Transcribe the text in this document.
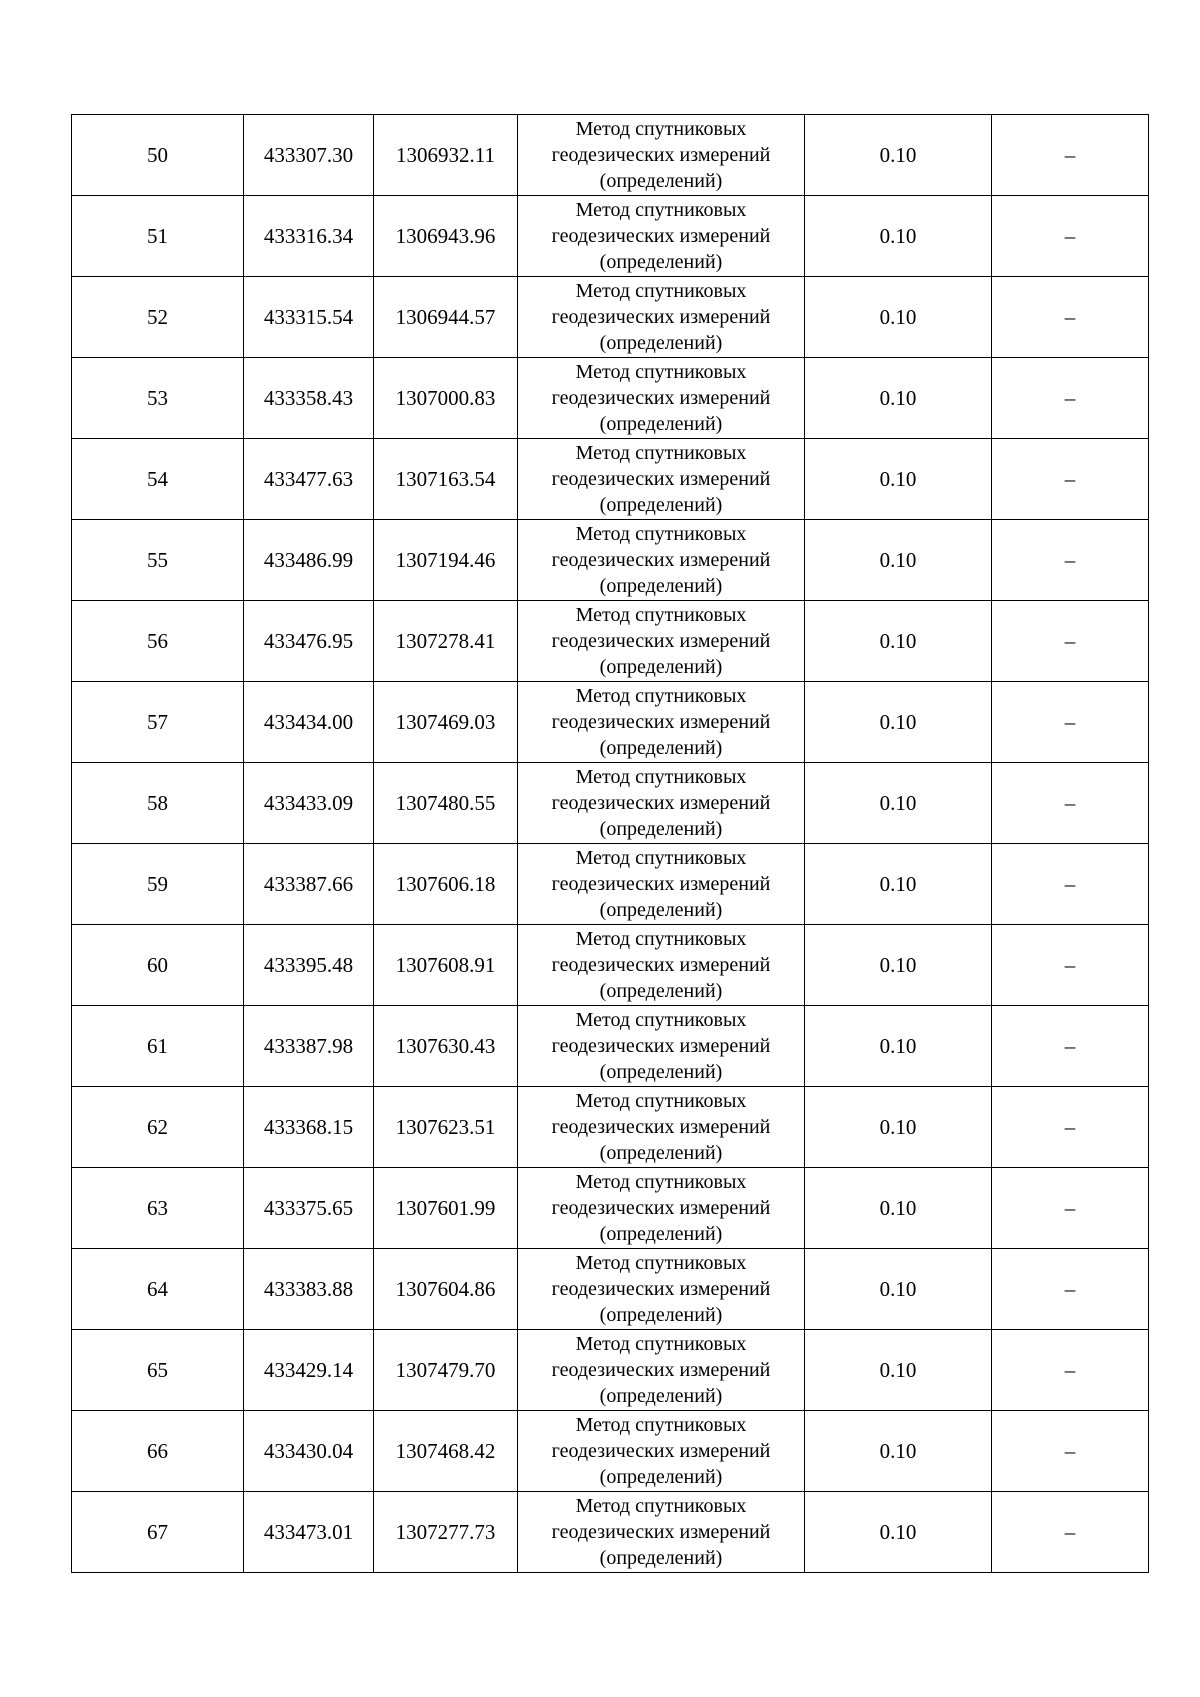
50	433307.30	1306932.11	Метод спутниковых
геодезических измерений
(определений)	0.10	–
51	433316.34	1306943.96	Метод спутниковых
геодезических измерений
(определений)	0.10	–
52	433315.54	1306944.57	Метод спутниковых
геодезических измерений
(определений)	0.10	–
53	433358.43	1307000.83	Метод спутниковых
геодезических измерений
(определений)	0.10	–
54	433477.63	1307163.54	Метод спутниковых
геодезических измерений
(определений)	0.10	–
55	433486.99	1307194.46	Метод спутниковых
геодезических измерений
(определений)	0.10	–
56	433476.95	1307278.41	Метод спутниковых
геодезических измерений
(определений)	0.10	–
57	433434.00	1307469.03	Метод спутниковых
геодезических измерений
(определений)	0.10	–
58	433433.09	1307480.55	Метод спутниковых
геодезических измерений
(определений)	0.10	–
59	433387.66	1307606.18	Метод спутниковых
геодезических измерений
(определений)	0.10	–
60	433395.48	1307608.91	Метод спутниковых
геодезических измерений
(определений)	0.10	–
61	433387.98	1307630.43	Метод спутниковых
геодезических измерений
(определений)	0.10	–
62	433368.15	1307623.51	Метод спутниковых
геодезических измерений
(определений)	0.10	–
63	433375.65	1307601.99	Метод спутниковых
геодезических измерений
(определений)	0.10	–
64	433383.88	1307604.86	Метод спутниковых
геодезических измерений
(определений)	0.10	–
65	433429.14	1307479.70	Метод спутниковых
геодезических измерений
(определений)	0.10	–
66	433430.04	1307468.42	Метод спутниковых
геодезических измерений
(определений)	0.10	–
67	433473.01	1307277.73	Метод спутниковых
геодезических измерений
(определений)	0.10	–
